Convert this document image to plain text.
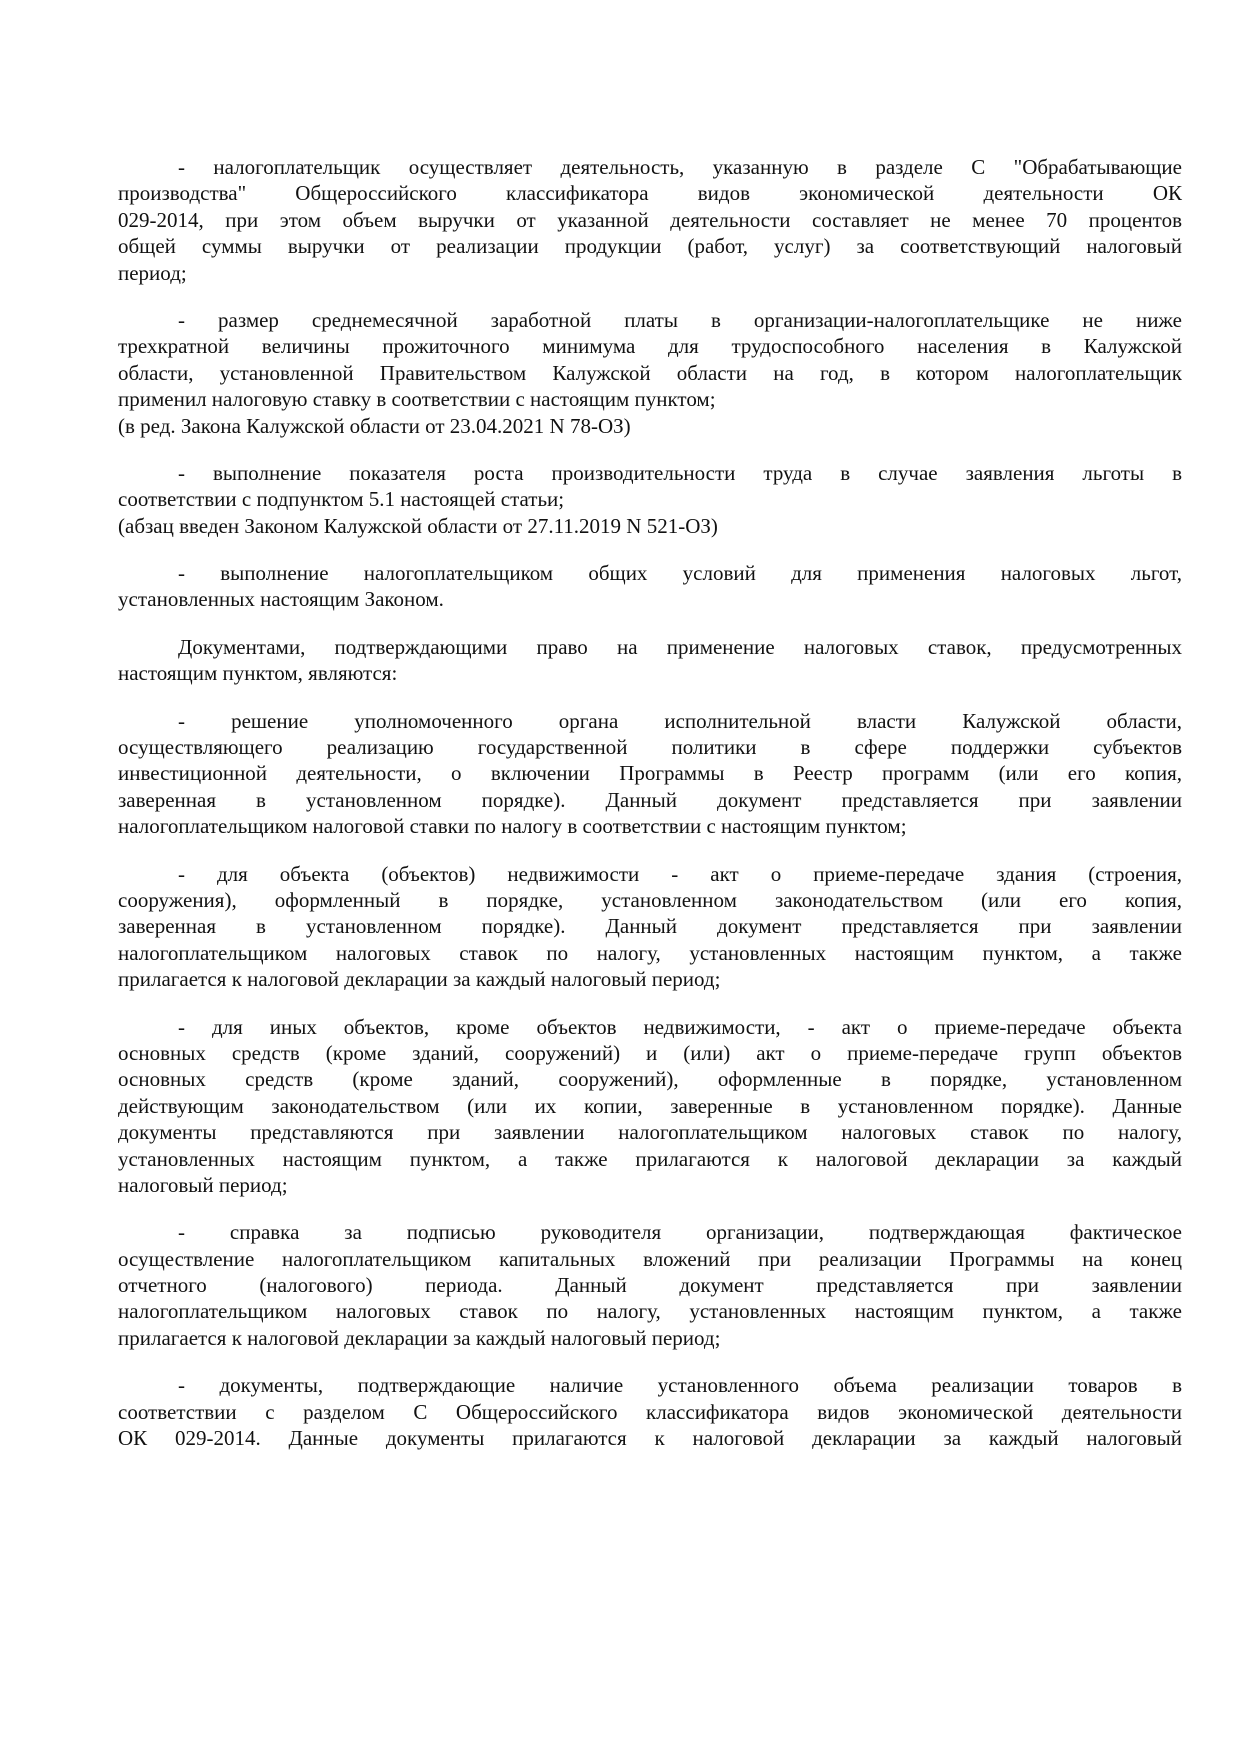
- налогоплательщик осуществляет деятельность, указанную в разделе С "Обрабатывающие
производства" Общероссийского классификатора видов экономической деятельности ОК
029-2014, при этом объем выручки от указанной деятельности составляет не менее 70 процентов
общей суммы выручки от реализации продукции (работ, услуг) за соответствующий налоговый
период;
- размер среднемесячной заработной платы в организации-налогоплательщике не ниже
трехкратной величины прожиточного минимума для трудоспособного населения в Калужской
области, установленной Правительством Калужской области на год, в котором налогоплательщик
применил налоговую ставку в соответствии с настоящим пунктом;
(в ред. Закона Калужской области от 23.04.2021 N 78-ОЗ)
- выполнение показателя роста производительности труда в случае заявления льготы в
соответствии с подпунктом 5.1 настоящей статьи;
(абзац введен Законом Калужской области от 27.11.2019 N 521-ОЗ)
- выполнение налогоплательщиком общих условий для применения налоговых льгот,
установленных настоящим Законом.
Документами, подтверждающими право на применение налоговых ставок, предусмотренных
настоящим пунктом, являются:
- решение уполномоченного органа исполнительной власти Калужской области,
осуществляющего реализацию государственной политики в сфере поддержки субъектов
инвестиционной деятельности, о включении Программы в Реестр программ (или его копия,
заверенная в установленном порядке). Данный документ представляется при заявлении
налогоплательщиком налоговой ставки по налогу в соответствии с настоящим пунктом;
- для объекта (объектов) недвижимости - акт о приеме-передаче здания (строения,
сооружения), оформленный в порядке, установленном законодательством (или его копия,
заверенная в установленном порядке). Данный документ представляется при заявлении
налогоплательщиком налоговых ставок по налогу, установленных настоящим пунктом, а также
прилагается к налоговой декларации за каждый налоговый период;
- для иных объектов, кроме объектов недвижимости, - акт о приеме-передаче объекта
основных средств (кроме зданий, сооружений) и (или) акт о приеме-передаче групп объектов
основных средств (кроме зданий, сооружений), оформленные в порядке, установленном
действующим законодательством (или их копии, заверенные в установленном порядке). Данные
документы представляются при заявлении налогоплательщиком налоговых ставок по налогу,
установленных настоящим пунктом, а также прилагаются к налоговой декларации за каждый
налоговый период;
- справка за подписью руководителя организации, подтверждающая фактическое
осуществление налогоплательщиком капитальных вложений при реализации Программы на конец
отчетного (налогового) периода. Данный документ представляется при заявлении
налогоплательщиком налоговых ставок по налогу, установленных настоящим пунктом, а также
прилагается к налоговой декларации за каждый налоговый период;
- документы, подтверждающие наличие установленного объема реализации товаров в
соответствии с разделом С Общероссийского классификатора видов экономической деятельности
ОК 029-2014. Данные документы прилагаются к налоговой декларации за каждый налоговый
